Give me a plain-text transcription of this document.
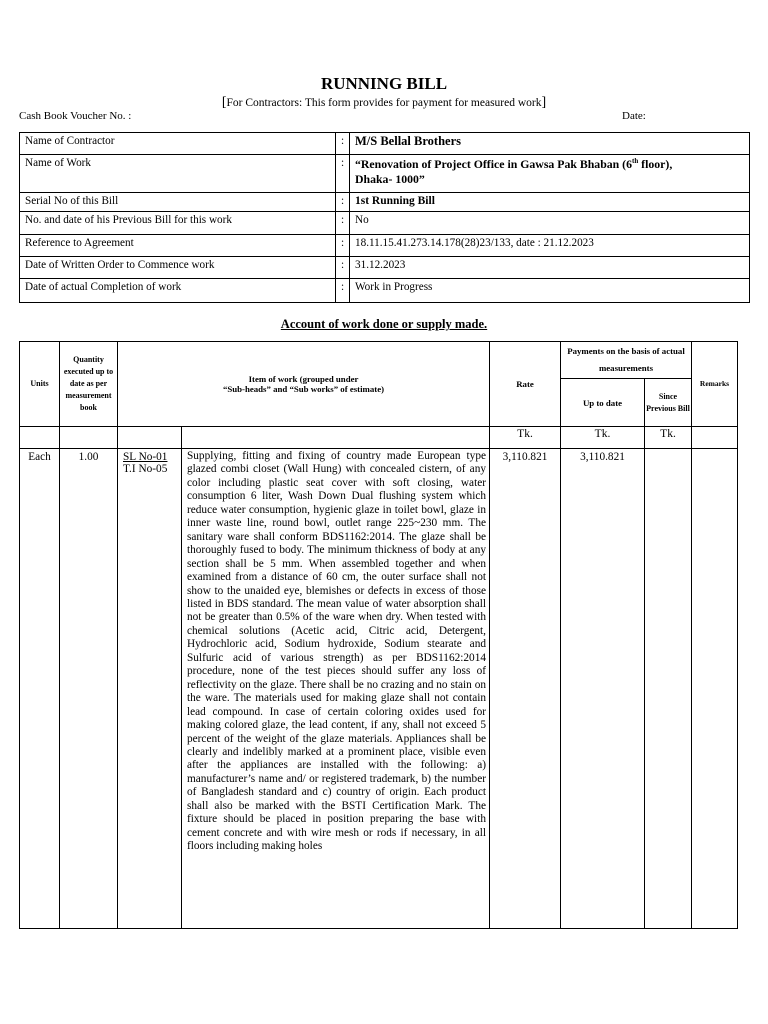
RUNNING BILL
[For Contractors: This form provides for payment for measured work]
Cash Book Voucher No. :	Date:
Name of Contractor	:	M/S Bellal Brothers
Name of Work	:	“Renovation of Project Office in Gawsa Pak Bhaban (6th floor),
Dhaka- 1000”
Serial No of this Bill	:	1st Running Bill
No. and date of his Previous Bill for this work	:	No
Reference to Agreement	:	18.11.15.41.273.14.178(28)23/133, date : 21.12.2023
Date of Written Order to Commence work	:	31.12.2023
Date of actual Completion of work	:	Work in Progress
Account of work done or supply made.
Units	Quantity executed up to date as per measurement book	Item of work (grouped under
“Sub-heads” and “Sub works” of estimate)		Rate	Payments on the basis of actual measurements		Remarks
					Up to date	Since Previous Bill	
				Tk.	Tk.	Tk.	
Each	1.00	SL No-01
T.I No-05	Supplying, fitting and fixing of country made European type glazed combi closet (Wall Hung) with concealed cistern, of any color including plastic seat cover with soft closing, water consumption 6 liter, Wash Down Dual flushing system which reduce water consumption, hygienic glaze in toilet bowl, glaze in inner waste line, round bowl, outlet range 225~230 mm. The sanitary ware shall conform BDS1162:2014. The glaze shall be thoroughly fused to body. The minimum thickness of body at any section shall be 5 mm. When assembled together and when examined from a distance of 60 cm, the outer surface shall not show to the unaided eye, blemishes or defects in excess of those listed in BDS standard. The mean value of water absorption shall not be greater than 0.5% of the ware when dry. When tested with chemical solutions (Acetic acid, Citric acid, Detergent, Hydrochloric acid, Sodium hydroxide, Sodium stearate and Sulfuric acid of various strength) as per BDS1162:2014 procedure, none of the test pieces should suffer any loss of reflectivity on the glaze. There shall be no crazing and no stain on the ware. The materials used for making glaze shall not contain lead compound. In case of certain coloring oxides used for making colored glaze, the lead content, if any, shall not exceed 5 percent of the weight of the glaze materials. Appliances shall be clearly and indelibly marked at a prominent place, visible even after the appliances are installed with the following: a) manufacturer’s name and/ or registered trademark, b) the number of Bangladesh standard and c) country of origin. Each product shall also be marked with the BSTI Certification Mark. The fixture should be placed in position preparing the base with cement concrete and with wire mesh or rods if necessary, in all floors including making holes	3,110.821	3,110.821		
